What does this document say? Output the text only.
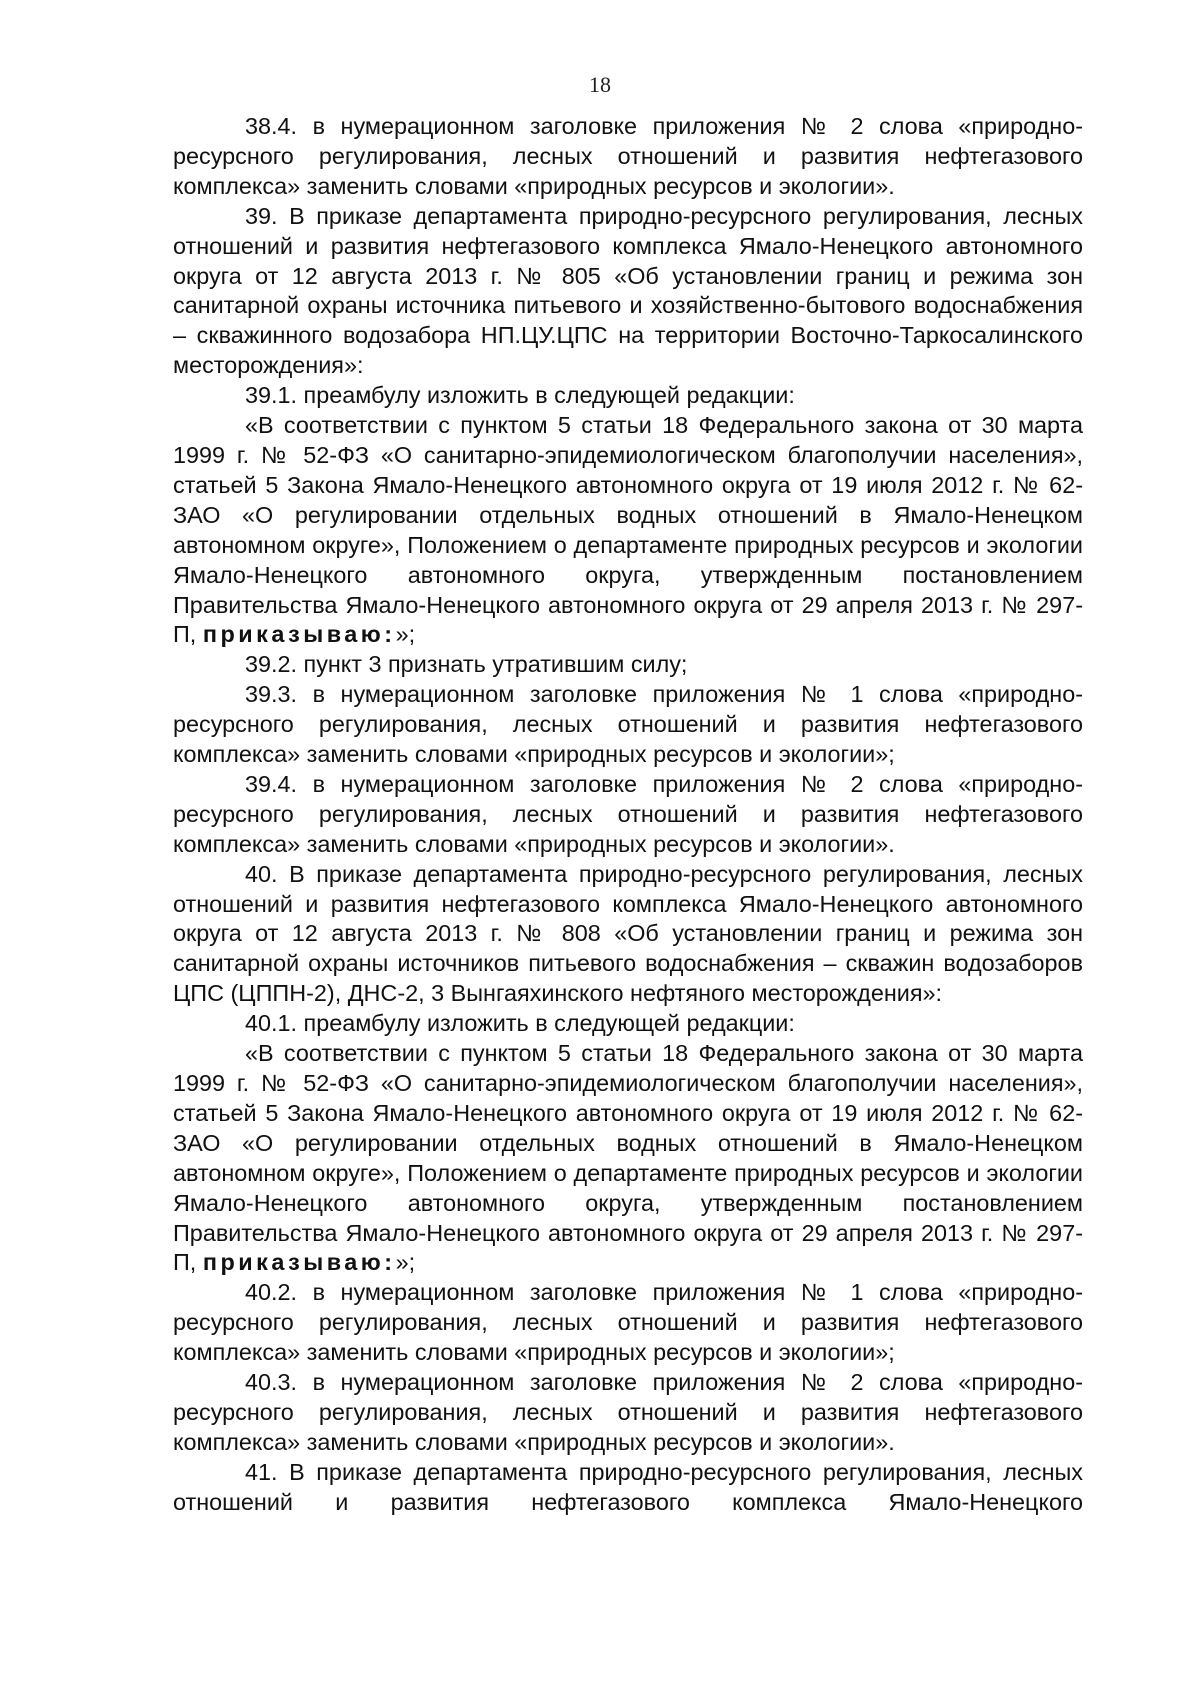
18

38.4. в нумерационном заголовке приложения № 2 слова «природно-ресурсного регулирования, лесных отношений и развития нефтегазового комплекса» заменить словами «природных ресурсов и экологии».

39. В приказе департамента природно-ресурсного регулирования, лесных отношений и развития нефтегазового комплекса Ямало-Ненецкого автономного округа от 12 августа 2013 г. № 805 «Об установлении границ и режима зон санитарной охраны источника питьевого и хозяйственно-бытового водоснабжения – скважинного водозабора НП.ЦУ.ЦПС на территории Восточно-Таркосалинского месторождения»:

39.1. преамбулу изложить в следующей редакции:

«В соответствии с пунктом 5 статьи 18 Федерального закона от 30 марта 1999 г. № 52-ФЗ «О санитарно-эпидемиологическом благополучии населения», статьей 5 Закона Ямало-Ненецкого автономного округа от 19 июля 2012 г. № 62-ЗАО «О регулировании отдельных водных отношений в Ямало-Ненецком автономном округе», Положением о департаменте природных ресурсов и экологии Ямало-Ненецкого автономного округа, утвержденным постановлением Правительства Ямало-Ненецкого автономного округа от 29 апреля 2013 г. № 297-П, приказываю:»;

39.2. пункт 3 признать утратившим силу;

39.3. в нумерационном заголовке приложения № 1 слова «природно-ресурсного регулирования, лесных отношений и развития нефтегазового комплекса» заменить словами «природных ресурсов и экологии»;

39.4. в нумерационном заголовке приложения № 2 слова «природно-ресурсного регулирования, лесных отношений и развития нефтегазового комплекса» заменить словами «природных ресурсов и экологии».

40. В приказе департамента природно-ресурсного регулирования, лесных отношений и развития нефтегазового комплекса Ямало-Ненецкого автономного округа от 12 августа 2013 г. № 808 «Об установлении границ и режима зон санитарной охраны источников питьевого водоснабжения – скважин водозаборов ЦПС (ЦППН-2), ДНС-2, 3 Вынгаяхинского нефтяного месторождения»:

40.1. преамбулу изложить в следующей редакции:

«В соответствии с пунктом 5 статьи 18 Федерального закона от 30 марта 1999 г. № 52-ФЗ «О санитарно-эпидемиологическом благополучии населения», статьей 5 Закона Ямало-Ненецкого автономного округа от 19 июля 2012 г. № 62-ЗАО «О регулировании отдельных водных отношений в Ямало-Ненецком автономном округе», Положением о департаменте природных ресурсов и экологии Ямало-Ненецкого автономного округа, утвержденным постановлением Правительства Ямало-Ненецкого автономного округа от 29 апреля 2013 г. № 297-П, приказываю:»;

40.2. в нумерационном заголовке приложения № 1 слова «природно-ресурсного регулирования, лесных отношений и развития нефтегазового комплекса» заменить словами «природных ресурсов и экологии»;

40.3. в нумерационном заголовке приложения № 2 слова «природно-ресурсного регулирования, лесных отношений и развития нефтегазового комплекса» заменить словами «природных ресурсов и экологии».

41. В приказе департамента природно-ресурсного регулирования, лесных отношений и развития нефтегазового комплекса Ямало-Ненецкого
